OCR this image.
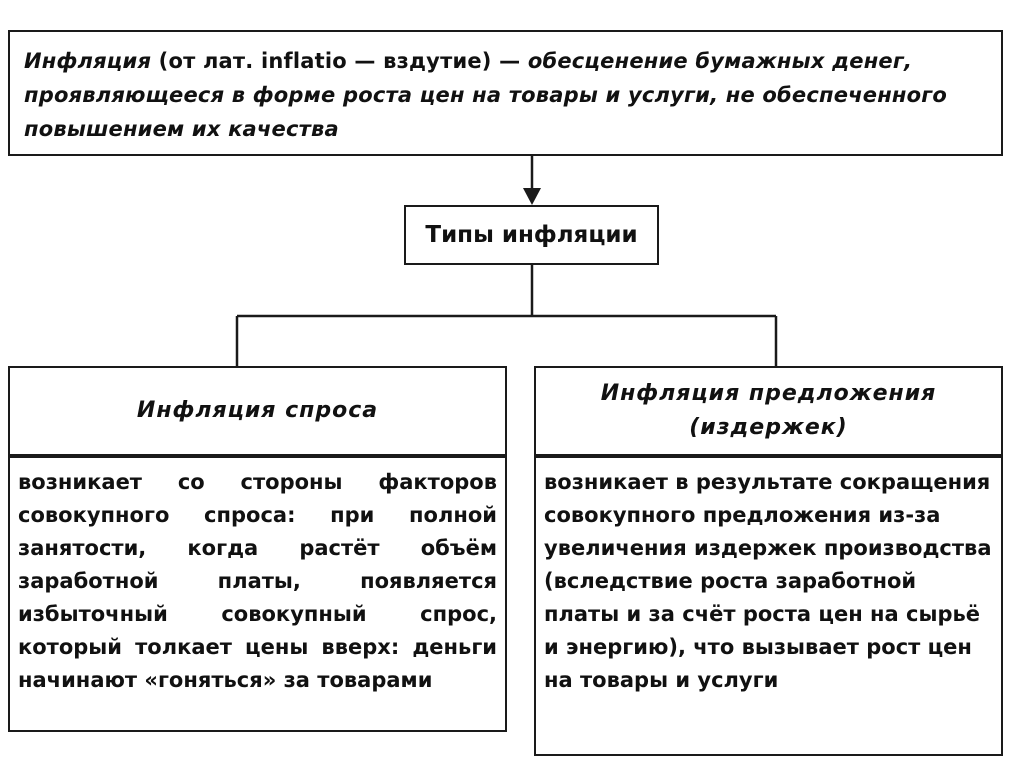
Инфляция (от лат. inflatio — вздутие) — обесценение бумажных денег, проявляющееся в форме роста цен на товары и услуги, не обеспеченного повышением их качества
Типы инфляции
Инфляция спроса
возникает со стороны факторов совокупного спроса: при полной занятости, когда растёт объём заработной платы, появляется избыточный совокупный спрос, который толкает цены вверх: деньги начинают «гоняться» за товарами
Инфляция предложения (издержек)
возникает в результате сокращения совокупного предложения из-за увеличения издержек производства (вследствие роста заработной платы и за счёт роста цен на сырьё и энергию), что вызывает рост цен на товары и услуги
